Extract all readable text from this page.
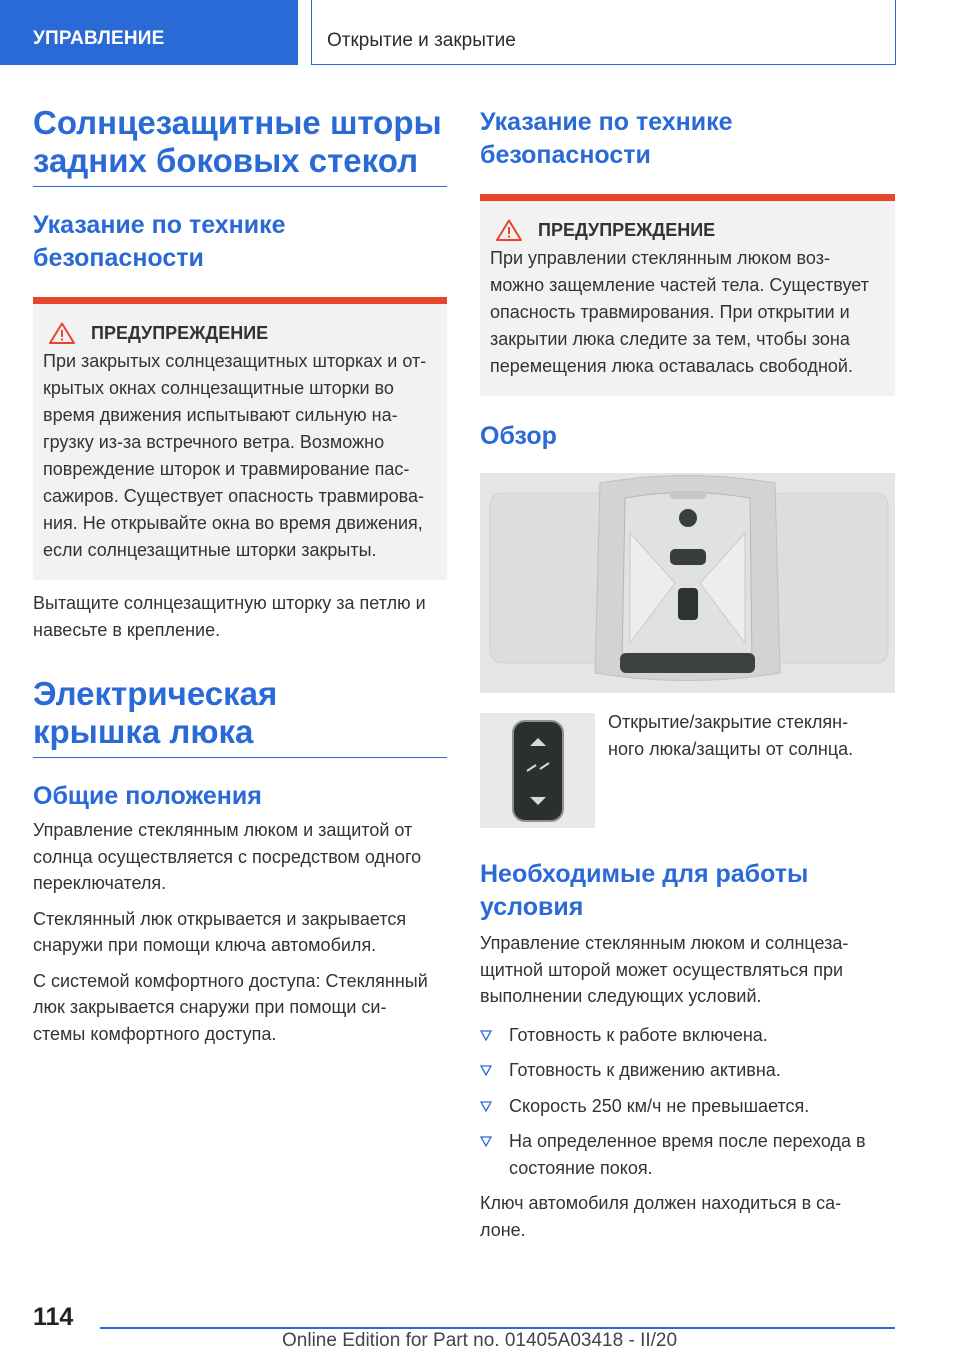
УПРАВЛЕНИЕ	Открытие и закрытие
Солнцезащитные шторы задних боковых стекол
Указание по технике безопасности
ПРЕДУПРЕЖДЕНИЕ
При закрытых солнцезащитных шторках и от-
крытых окнах солнцезащитные шторки во
время движения испытывают сильную на-
грузку из-за встречного ветра. Возможно
повреждение шторок и травмирование пас-
сажиров. Существует опасность травмирова-
ния. Не открывайте окна во время движения,
если солнцезащитные шторки закрыты.
Вытащите солнцезащитную шторку за петлю и
навесьте в крепление.
Электрическая крышка люка
Общие положения
Управление стеклянным люком и защитой от
солнца осуществляется с посредством одного
переключателя.
Стеклянный люк открывается и закрывается
снаружи при помощи ключа автомобиля.
С системой комфортного доступа: Стеклянный
люк закрывается снаружи при помощи си-
стемы комфортного доступа.
Указание по технике безопасности
ПРЕДУПРЕЖДЕНИЕ
При управлении стеклянным люком воз-
можно защемление частей тела. Существует
опасность травмирования. При открытии и
закрытии люка следите за тем, чтобы зона
перемещения люка оставалась свободной.
Обзор
Открытие/закрытие стеклян-
ного люка/защиты от солнца.
Необходимые для работы условия
Управление стеклянным люком и солнцеза-
щитной шторой может осуществляться при
выполнении следующих условий.
Готовность к работе включена.
Готовность к движению активна.
Скорость 250 км/ч не превышается.
На определенное время после перехода в
состояние покоя.
Ключ автомобиля должен находиться в са-
лоне.
114
Online Edition for Part no. 01405A03418 - II/20
